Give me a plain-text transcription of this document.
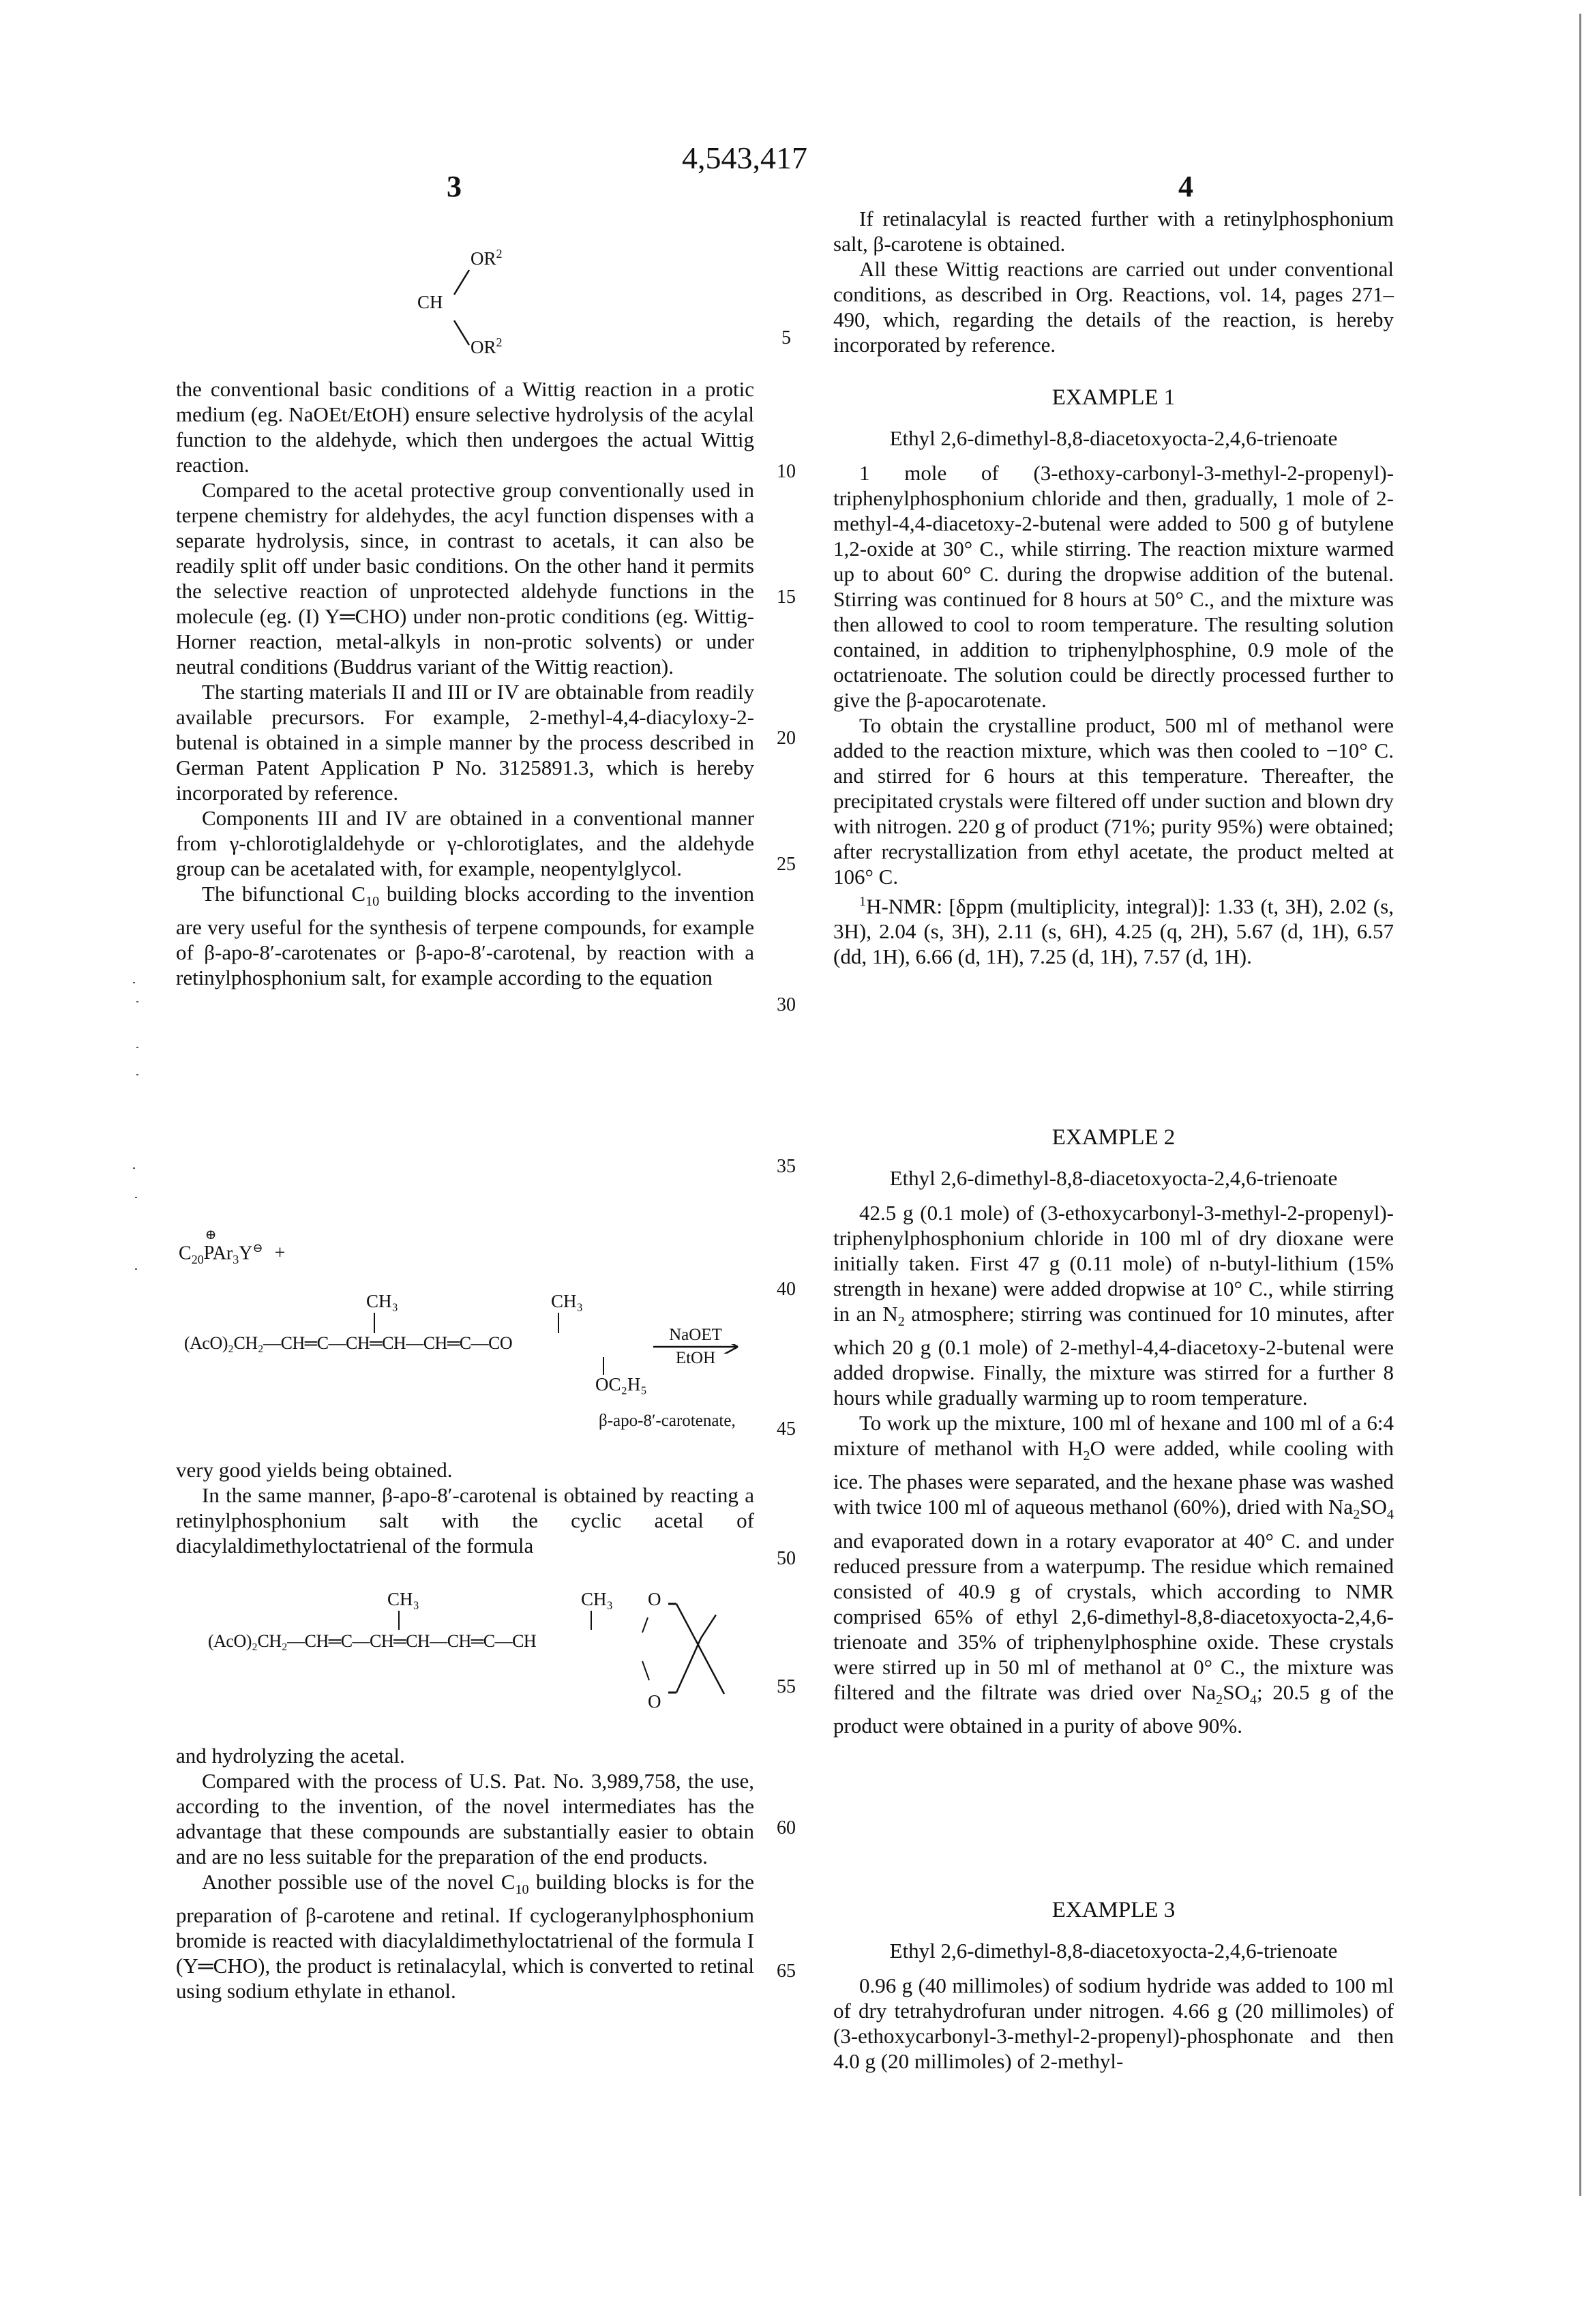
4,543,417
3	4
$OR^2$
CH
$OR^2$

the conventional basic conditions of a Wittig reaction in a protic medium (eg. NaOEt/EtOH) ensure selective hydrolysis of the acylal function to the aldehyde, which then undergoes the actual Wittig reaction.

Compared to the acetal protective group conventionally used in terpene chemistry for aldehydes, the acyl function dispenses with a separate hydrolysis, since, in contrast to acetals, it can also be readily split off under basic conditions. On the other hand it permits the selective reaction of unprotected aldehyde functions in the molecule (eg. (I) Y═CHO) under non-protic conditions (eg. Wittig-Horner reaction, metal-alkyls in non-protic solvents) or under neutral conditions (Buddrus variant of the Wittig reaction).

The starting materials II and III or IV are obtainable from readily available precursors. For example, 2-methyl-4,4-diacyloxy-2-butenal is obtained in a simple manner by the process described in German Patent Application P No. 3125891.3, which is hereby incorporated by reference.

Components III and IV are obtained in a conventional manner from γ-chlorotiglaldehyde or γ-chlorotiglates, and the aldehyde group can be acetalated with, for example, neopentylglycol.

The bifunctional $C_{10}$ building blocks according to the invention are very useful for the synthesis of terpene compounds, for example of β-apo-8′-carotenates or β-apo-8′-carotenal, by reaction with a retinylphosphonium salt, for example according to the equation

$C_{20}$
⊕
PAr$_3$Y⊖ +
CH₃	CH₃
(AcO)₂CH₂—CH═C—CH═CH—CH═C—CO
OC₂H₅
NaOET
EtOH
β-apo-8′-carotenate,

very good yields being obtained.

In the same manner, β-apo-8′-carotenal is obtained by reacting a retinylphosphonium salt with the cyclic acetal of diacylaldimethyloctatrienal of the formula

CH₃	CH₃
(AcO)₂CH₂—CH═C—CH═CH—CH═C—CH
O
O

and hydrolyzing the acetal.

Compared with the process of U.S. Pat. No. 3,989,758, the use, according to the invention, of the novel intermediates has the advantage that these compounds are substantially easier to obtain and are no less suitable for the preparation of the end products.

Another possible use of the novel $C_{10}$ building blocks is for the preparation of β-carotene and retinal. If cyclogeranylphosphonium bromide is reacted with diacylaldimethyloctatrienal of the formula I (Y═CHO), the product is retinalacylal, which is converted to retinal using sodium ethylate in ethanol.

If retinalacylal is reacted further with a retinylphosphonium salt, β-carotene is obtained.

All these Wittig reactions are carried out under conventional conditions, as described in Org. Reactions, vol. 14, pages 271–490, which, regarding the details of the reaction, is hereby incorporated by reference.

EXAMPLE 1

Ethyl 2,6-dimethyl-8,8-diacetoxyocta-2,4,6-trienoate

1 mole of (3-ethoxy-carbonyl-3-methyl-2-propenyl)-triphenylphosphonium chloride and then, gradually, 1 mole of 2-methyl-4,4-diacetoxy-2-butenal were added to 500 g of butylene 1,2-oxide at 30° C., while stirring. The reaction mixture warmed up to about 60° C. during the dropwise addition of the butenal. Stirring was continued for 8 hours at 50° C., and the mixture was then allowed to cool to room temperature. The resulting solution contained, in addition to triphenylphosphine, 0.9 mole of the octatrienoate. The solution could be directly processed further to give the β-apocarotenate.

To obtain the crystalline product, 500 ml of methanol were added to the reaction mixture, which was then cooled to −10° C. and stirred for 6 hours at this temperature. Thereafter, the precipitated crystals were filtered off under suction and blown dry with nitrogen. 220 g of product (71%; purity 95%) were obtained; after recrystallization from ethyl acetate, the product melted at 106° C.

$^1$H-NMR: [δppm (multiplicity, integral)]: 1.33 (t, 3H), 2.02 (s, 3H), 2.04 (s, 3H), 2.11 (s, 6H), 4.25 (q, 2H), 5.67 (d, 1H), 6.57 (dd, 1H), 6.66 (d, 1H), 7.25 (d, 1H), 7.57 (d, 1H).

EXAMPLE 2

Ethyl 2,6-dimethyl-8,8-diacetoxyocta-2,4,6-trienoate

42.5 g (0.1 mole) of (3-ethoxycarbonyl-3-methyl-2-propenyl)-triphenylphosphonium chloride in 100 ml of dry dioxane were initially taken. First 47 g (0.11 mole) of n-butyl-lithium (15% strength in hexane) were added dropwise at 10° C., while stirring in an $N_2$ atmosphere; stirring was continued for 10 minutes, after which 20 g (0.1 mole) of 2-methyl-4,4-diacetoxy-2-butenal were added dropwise. Finally, the mixture was stirred for a further 8 hours while gradually warming up to room temperature.

To work up the mixture, 100 ml of hexane and 100 ml of a 6:4 mixture of methanol with $H_2O$ were added, while cooling with ice. The phases were separated, and the hexane phase was washed with twice 100 ml of aqueous methanol (60%), dried with $Na_2SO_4$ and evaporated down in a rotary evaporator at 40° C. and under reduced pressure from a waterpump. The residue which remained consisted of 40.9 g of crystals, which according to NMR comprised 65% of ethyl 2,6-dimethyl-8,8-diacetoxyocta-2,4,6-trienoate and 35% of triphenylphosphine oxide. These crystals were stirred up in 50 ml of methanol at 0° C., the mixture was filtered and the filtrate was dried over $Na_2SO_4$; 20.5 g of the product were obtained in a purity of above 90%.

EXAMPLE 3

Ethyl 2,6-dimethyl-8,8-diacetoxyocta-2,4,6-trienoate

0.96 g (40 millimoles) of sodium hydride was added to 100 ml of dry tetrahydrofuran under nitrogen. 4.66 g (20 millimoles) of (3-ethoxycarbonyl-3-methyl-2-propenyl)-phosphonate and then 4.0 g (20 millimoles) of 2-methyl-

5
10
15
20
25
30
35
40
45
50
55
60
65
